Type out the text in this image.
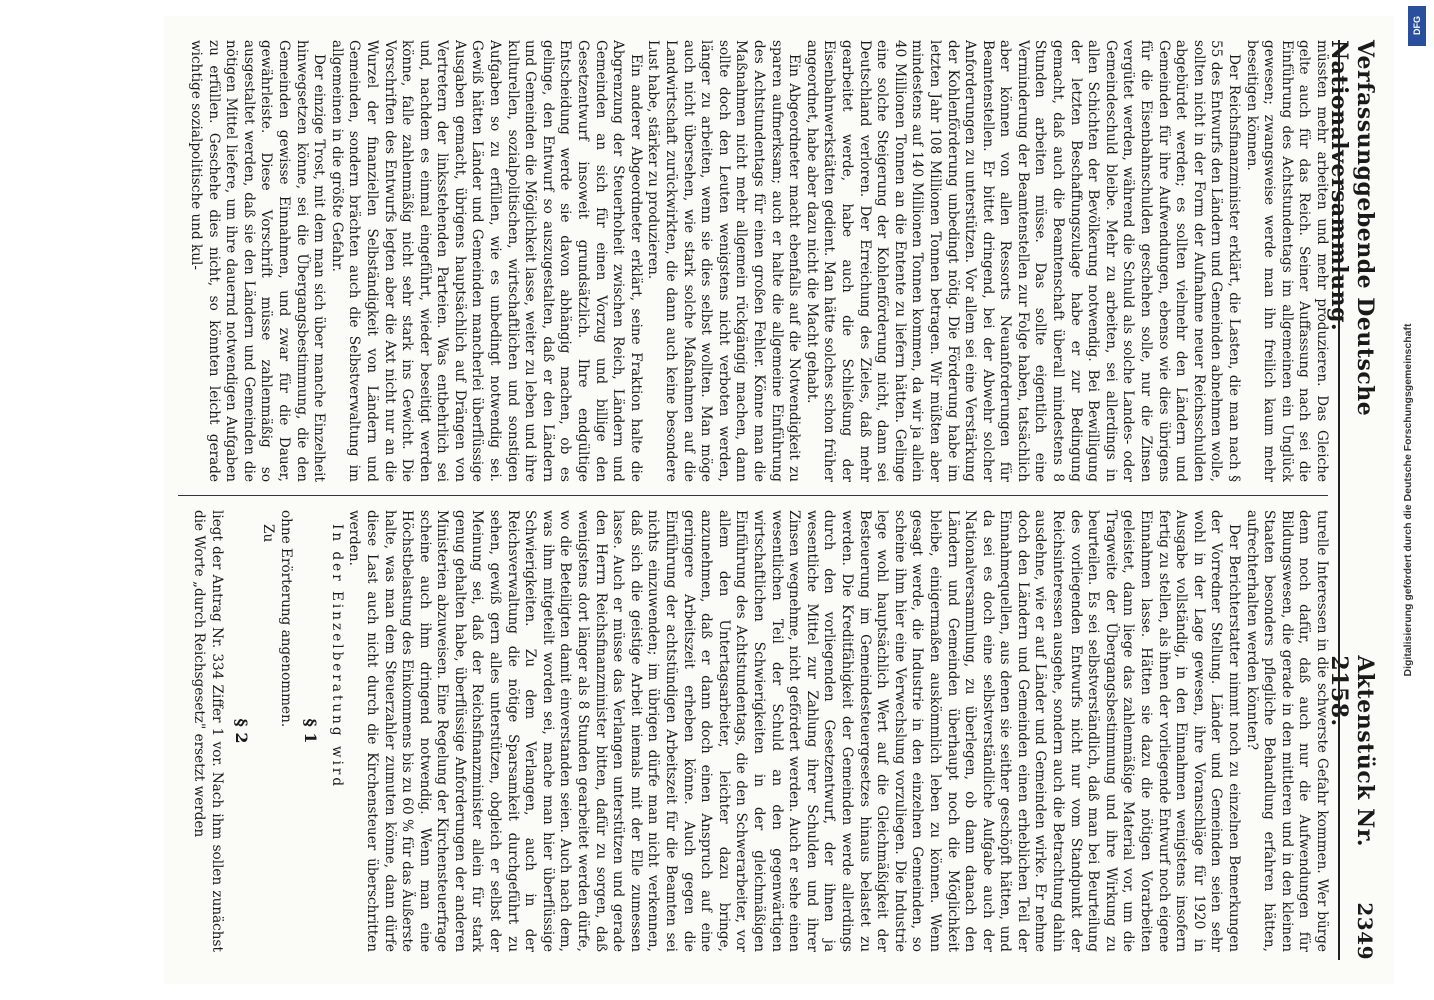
Verfassunggebende Deutsche Nationalversammlung.
Aktenstück Nr. 2158.
2349

müssten mehr arbeiten und mehr produzieren. Das Gleiche gelte auch für das Reich. Seiner Auffassung nach sei die Einführung des Achtstundentags im allgemeinen ein Unglück gewesen; zwangsweise werde man ihn freilich kaum mehr beseitigen können.

Der Reichsfinanzminister erklärt, die Lasten, die man nach § 55 des Entwurfs den Ländern und Gemeinden abnehmen wolle, sollten nicht in der Form der Aufnahme neuer Reichsschulden abgebürdet werden; es sollten vielmehr den Ländern und Gemeinden für ihre Aufwendungen, ebenso wie dies übrigens für die Eisenbahnschulden geschehen solle, nur die Zinsen vergütet werden, während die Schuld als solche Landes- oder Gemeindeschuld bleibe. Mehr zu arbeiten, sei allerdings in allen Schichten der Bevölkerung notwendig. Bei Bewilligung der letzten Beschaffungszulage habe er zur Bedingung gemacht, daß auch die Beamtenschaft überall mindestens 8 Stunden arbeiten müsse. Das sollte eigentlich eine Verminderung der Beamtenstellen zur Folge haben, tatsächlich aber können von allen Ressorts Neuanforderungen für Beamtenstellen. Er bittet dringend, bei der Abwehr solcher Anforderungen zu unterstützen. Vor allem sei eine Verstärkung der Kohlenförderung unbedingt nötig. Die Förderung habe im letzten Jahr 108 Millionen Tonnen betragen. Wir müßten aber mindestens auf 140 Millionen Tonnen kommen, da wir ja allein 40 Millionen Tonnen an die Entente zu liefern hätten. Gelinge eine solche Steigerung der Kohlenförderung nicht, dann sei Deutschland verloren. Der Erreichung des Zieles, daß mehr gearbeitet werde, habe auch die Schließung der Eisenbahnwerkstätten gedient. Man hätte solches schon früher angeordnet, habe aber dazu nicht die Macht gehabt.

Ein Abgeordneter macht ebenfalls auf die Notwendigkeit zu sparen aufmerksam; auch er halte die allgemeine Einführung des Achtstundentags für einen großen Fehler. Könne man die Maßnahmen nicht mehr allgemein rückgängig machen, dann sollte doch den Leuten wenigstens nicht verboten werden, länger zu arbeiten, wenn sie dies selbst wollten. Man möge auch nicht übersehen, wie stark solche Maßnahmen auf die Landwirtschaft zurückwirkten, die dann auch keine besondere Lust habe, stärker zu produzieren.

Ein anderer Abgeordneter erklärt, seine Fraktion halte die Abgrenzung der Steuerhoheit zwischen Reich, Ländern und Gemeinden an sich für einen Vorzug und billige den Gesetzentwurf insoweit grundsätzlich. Ihre endgültige Entscheidung werde sie davon abhängig machen, ob es gelinge, den Entwurf so auszugestalten, daß er den Ländern und Gemeinden die Möglichkeit lasse, weiter zu leben und ihre kulturellen, sozialpolitischen, wirtschaftlichen und sonstigen Aufgaben so zu erfüllen, wie es unbedingt notwendig sei. Gewiß hätten Länder und Gemeinden mancherlei überflüssige Ausgaben gemacht, übrigens hauptsächlich auf Drängen von Vertretern der linksstehenden Parteien. Was entbehrlich sei und, nachdem es einmal eingeführt, wieder beseitigt werden könne, falle zahlenmäßig nicht sehr stark ins Gewicht. Die Vorschriften des Entwurfs legten aber die Axt nicht nur an die Wurzel der finanziellen Selbständigkeit von Ländern und Gemeinden, sondern brächten auch die Selbstverwaltung im allgemeinen in die größte Gefahr.

Der einzige Trost, mit dem man sich über manche Einzelheit hinwegsetzen könne, sei die Übergangsbestimmung, die den Gemeinden gewisse Einnahmen, und zwar für die Dauer, gewährleiste. Diese Vorschrift müsse zahlenmäßig so ausgestaltet werden, daß sie den Ländern und Gemeinden die nötigen Mittel liefere, um ihre dauernd notwendigen Aufgaben zu erfüllen. Geschehe dies nicht, so könnten leicht gerade wichtige sozialpolitische und kul-

turelle Interessen in die schwerste Gefahr kommen. Wer bürge denn noch dafür, daß auch nur die Aufwendungen für Bildungswesen, die gerade in den mittleren und in den kleinen Staaten besonders pflegliche Behandlung erfahren hätten, aufrechterhalten werden könnten?

Der Berichterstatter nimmt noch zu einzelnen Bemerkungen der Vorredner Stellung. Länder und Gemeinden seien sehr wohl in der Lage gewesen, ihre Voranschläge für 1920 in Ausgabe vollständig, in den Einnahmen wenigstens insofern fertig zu stellen, als ihnen der vorliegende Entwurf noch eigene Einnahmen lasse. Hätten sie dazu die nötigen Vorarbeiten geleistet, dann liege das zahlenmäßige Material vor, um die Tragweite der Übergangsbestimmung und ihre Wirkung zu beurteilen. Es sei selbstverständlich, daß man bei Beurteilung des vorliegenden Entwurfs nicht nur vom Standpunkt der Reichsinteressen ausgehe, sondern auch die Betrachtung dahin ausdehne, wie er auf Länder und Gemeinden wirke. Er nehme doch den Ländern und Gemeinden einen erheblichen Teil der Einnahmequellen, aus denen sie seither geschöpft hätten, und da sei es doch eine selbstverständliche Aufgabe auch der Nationalversammlung, zu überlegen, ob dann danach den Ländern und Gemeinden überhaupt noch die Möglichkeit bleibe, einigermaßen auskömmlich leben zu können. Wenn gesagt werde, die Industrie in den einzelnen Gemeinden, so scheine ihm hier eine Verwechslung vorzuliegen. Die Industrie lege wohl hauptsächlich Wert auf die Gleichmäßigkeit der Besteuerung im Gemeindesteuergesetzes hinaus belastet zu werden. Die Kreditfähigkeit der Gemeinden werde allerdings durch den vorliegenden Gesetzentwurf, der ihnen ja wesentliche Mittel zur Zahlung ihrer Schulden und ihrer Zinsen wegnehme, nicht gefördert werden. Auch er sehe einen wesentlichen Teil der Schuld an den gegenwärtigen wirtschaftlichen Schwierigkeiten in der gleichmäßigen Einführung des Achtstundentags, die den Schwerarbeiter, vor allem den Untertagsarbeiter, leichter dazu bringe, anzunehmen, daß er dann doch einen Anspruch auf eine geringere Arbeitszeit erheben könne. Auch gegen die Einführung der achtstündigen Arbeitszeit für die Beamten sei nichts einzuwenden; im übrigen dürfe man nicht verkennen, daß sich die geistige Arbeit niemals mit der Elle zumessen lasse. Auch er müsse das Verlangen unterstützen und gerade den Herrn Reichsfinanzminister bitten, dafür zu sorgen, daß wenigstens dort länger als 8 Stunden gearbeitet werden dürfe, wo die Beteiligten damit einverstanden seien. Auch nach dem, was ihm mitgeteilt worden sei, mache man hier überflüssige Schwierigkeiten. Zu dem Verlangen, auch in der Reichsverwaltung die nötige Sparsamkeit durchgeführt zu sehen, gewiß gern alles unterstützen, obgleich er selbst der Meinung sei, daß der Reichsfinanzminister allein für stark genug gehalten habe, überflüssige Anforderungen der anderen Ministerien abzuweisen. Eine Regelung der Kirchensteuerfrage scheine auch ihm dringend notwendig. Wenn man eine Höchstbelastung des Einkommens bis zu 60 % für das Äußerste halte, was man dem Steuerzahler zumuten könne, dann dürfe diese Last auch nicht durch die Kirchensteuer überschritten werden.

In der Einzelberatung wird

§ 1

ohne Erörterung angenommen.

Zu

§ 2

liegt der Antrag Nr. 334 Ziffer 1 vor. Nach ihm sollen zunächst die Worte „durch Reichsgesetz" ersetzt werden	Digitalisierung gefördert durch die Deutsche Forschungsgemeinschaft
DFG
